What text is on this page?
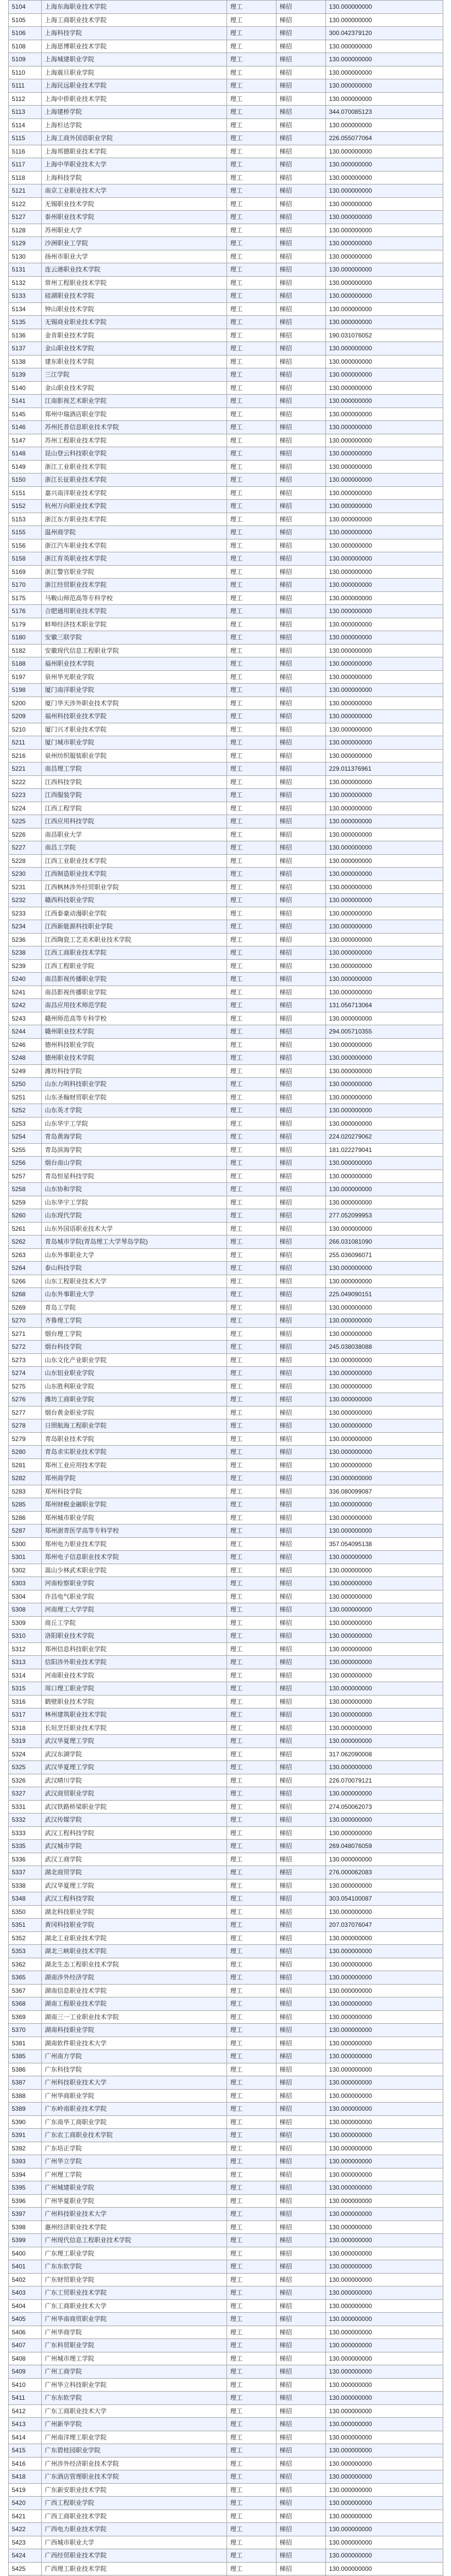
5104	上海东海职业技术学院	理工	梯招	130.000000000
5105	上海工商职业技术学院	理工	梯招	130.000000000
5106	上海科技学院	理工	梯招	300.042379120
5108	上海思博职业技术学院	理工	梯招	130.000000000
5109	上海城建职业学院	理工	梯招	130.000000000
5110	上海震旦职业学院	理工	梯招	130.000000000
5111	上海民远职业技术学院	理工	梯招	130.000000000
5112	上海中侨职业技术学院	理工	梯招	130.000000000
5113	上海建桥学院	理工	梯招	344.070085123
5114	上海杉达学院	理工	梯招	130.000000000
5115	上海工商外国语职业学院	理工	梯招	226.055077064
5116	上海邦德职业技术学院	理工	梯招	130.000000000
5117	上海中华职业技术大学	理工	梯招	130.000000000
5118	上海科技学院	理工	梯招	130.000000000
5121	南京工业职业技术大学	理工	梯招	130.000000000
5122	无锡职业技术学院	理工	梯招	130.000000000
5127	泰州职业技术学院	理工	梯招	130.000000000
5128	苏州职业大学	理工	梯招	130.000000000
5129	沙洲职业工学院	理工	梯招	130.000000000
5130	扬州市职业大学	理工	梯招	130.000000000
5131	连云港职业技术学院	理工	梯招	130.000000000
5132	常州工程职业技术学院	理工	梯招	130.000000000
5133	硅湖职业技术学院	理工	梯招	130.000000000
5134	钟山职业技术学院	理工	梯招	130.000000000
5135	无锡商业职业技术学院	理工	梯招	130.000000000
5136	金肯职业技术学院	理工	梯招	190.031076052
5137	金山职业技术学院	理工	梯招	130.000000000
5138	建东职业技术学院	理工	梯招	130.000000000
5139	三江学院	理工	梯招	130.000000000
5140	金山职业技术学院	理工	梯招	130.000000000
5141	江南影视艺术职业学院	理工	梯招	130.000000000
5145	郑州中瑞酒店职业学院	理工	梯招	130.000000000
5146	苏州托普信息职业技术学院	理工	梯招	130.000000000
5147	苏州工程职业技术学院	理工	梯招	130.000000000
5148	昆山登云科技职业学院	理工	梯招	130.000000000
5149	浙江工业职业技术学院	理工	梯招	130.000000000
5150	浙江长征职业技术学院	理工	梯招	130.000000000
5151	嘉兴南洋职业技术学院	理工	梯招	130.000000000
5152	杭州万向职业技术学院	理工	梯招	130.000000000
5153	浙江东方职业技术学院	理工	梯招	130.000000000
5155	温州商学院	理工	梯招	130.000000000
5156	浙江汽车职业技术学院	理工	梯招	130.000000000
5158	浙江育英职业技术学院	理工	梯招	130.000000000
5169	浙江警官职业学院	理工	梯招	130.000000000
5170	浙江经贸职业技术学院	理工	梯招	130.000000000
5175	马鞍山师范高等专科学校	理工	梯招	130.000000000
5176	合肥通用职业技术学院	理工	梯招	130.000000000
5179	蚌埠经济技术职业学院	理工	梯招	130.000000000
5180	安徽三联学院	理工	梯招	130.000000000
5182	安徽现代信息工程职业学院	理工	梯招	130.000000000
5188	福州职业技术学院	理工	梯招	130.000000000
5197	泉州华光职业学院	理工	梯招	130.000000000
5198	厦门南洋职业学院	理工	梯招	130.000000000
5200	厦门华天涉外职业技术学院	理工	梯招	130.000000000
5209	福州科技职业技术学院	理工	梯招	130.000000000
5210	厦门兴才职业技术学院	理工	梯招	130.000000000
5211	厦门城市职业学院	理工	梯招	130.000000000
5216	泉州纺织服装职业学院	理工	梯招	130.000000000
5221	南昌理工学院	理工	梯招	229.011376961
5222	江西科技学院	理工	梯招	130.000000000
5223	江西服装学院	理工	梯招	130.000000000
5224	江西工程学院	理工	梯招	130.000000000
5225	江西应用科技学院	理工	梯招	130.000000000
5226	南昌职业大学	理工	梯招	130.000000000
5227	南昌工学院	理工	梯招	130.000000000
5228	江西工业职业技术学院	理工	梯招	130.000000000
5230	江西制造职业技术学院	理工	梯招	130.000000000
5231	江西枫林涉外经贸职业学院	理工	梯招	130.000000000
5232	赣西科技职业学院	理工	梯招	130.000000000
5233	江西泰豪动漫职业学院	理工	梯招	130.000000000
5234	江西新能源科技职业学院	理工	梯招	130.000000000
5236	江西陶瓷工艺美术职业技术学院	理工	梯招	130.000000000
5238	江西工商职业技术学院	理工	梯招	130.000000000
5239	江西工程职业学院	理工	梯招	130.000000000
5240	南昌影视传播职业学院	理工	梯招	130.000000000
5241	南昌影视传播职业学院	理工	梯招	130.000000000
5242	南昌应用技术师范学院	理工	梯招	131.056713064
5243	赣州师范高等专科学校	理工	梯招	130.000000000
5244	赣州职业技术学院	理工	梯招	294.005710355
5246	德州科技职业学院	理工	梯招	130.000000000
5248	德州职业技术学院	理工	梯招	130.000000000
5249	潍坊科技学院	理工	梯招	130.000000000
5250	山东力明科技职业学院	理工	梯招	130.000000000
5251	山东圣翰财贸职业学院	理工	梯招	130.000000000
5252	山东英才学院	理工	梯招	130.000000000
5253	山东华宇工学院	理工	梯招	130.000000000
5254	青岛黄海学院	理工	梯招	224.020279062
5255	青岛滨海学院	理工	梯招	181.022279041
5256	烟台南山学院	理工	梯招	130.000000000
5257	青岛恒星科技学院	理工	梯招	130.000000000
5258	山东协和学院	理工	梯招	130.000000000
5259	山东华宇工学院	理工	梯招	130.000000000
5260	山东现代学院	理工	梯招	277.052099953
5261	山东外国语职业技术大学	理工	梯招	130.000000000
5262	青岛城市学院(青岛理工大学琴岛学院)	理工	梯招	266.031081090
5263	山东外事职业大学	理工	梯招	255.036096071
5264	泰山科技学院	理工	梯招	130.000000000
5266	山东工程职业技术大学	理工	梯招	130.000000000
5268	山东外事职业大学	理工	梯招	225.049090151
5269	青岛工学院	理工	梯招	130.000000000
5270	齐鲁理工学院	理工	梯招	130.000000000
5271	烟台理工学院	理工	梯招	130.000000000
5272	烟台科技学院	理工	梯招	245.038038088
5273	山东文化产业职业学院	理工	梯招	130.000000000
5274	山东铝业职业学院	理工	梯招	130.000000000
5275	山东胜利职业学院	理工	梯招	130.000000000
5276	潍坊工商职业学院	理工	梯招	130.000000000
5277	烟台黄金职业学院	理工	梯招	130.000000000
5278	日照航海工程职业学院	理工	梯招	130.000000000
5279	青岛职业技术学院	理工	梯招	130.000000000
5280	青岛求实职业技术学院	理工	梯招	130.000000000
5281	郑州工业应用技术学院	理工	梯招	130.000000000
5282	郑州商学院	理工	梯招	130.000000000
5283	郑州科技学院	理工	梯招	336.080099087
5285	郑州财税金融职业学院	理工	梯招	130.000000000
5286	郑州城市职业学院	理工	梯招	130.000000000
5287	郑州澍青医学高等专科学校	理工	梯招	130.000000000
5300	郑州电力职业技术学院	理工	梯招	357.054095138
5301	郑州电子信息职业技术学院	理工	梯招	130.000000000
5302	嵩山少林武术职业学院	理工	梯招	130.000000000
5303	河南检察职业学院	理工	梯招	130.000000000
5304	许昌电气职业学院	理工	梯招	130.000000000
5308	河南理工大学学院	理工	梯招	130.000000000
5309	商丘工学院	理工	梯招	130.000000000
5310	洛阳职业技术学院	理工	梯招	130.000000000
5312	郑州信息科技职业学院	理工	梯招	130.000000000
5313	信阳涉外职业技术学院	理工	梯招	130.000000000
5314	河南职业技术学院	理工	梯招	130.000000000
5315	周口理工职业学院	理工	梯招	130.000000000
5316	鹤壁职业技术学院	理工	梯招	130.000000000
5317	林州建筑职业技术学院	理工	梯招	130.000000000
5318	长垣烹饪职业技术学院	理工	梯招	130.000000000
5319	武汉华夏理工学院	理工	梯招	130.000000000
5324	武汉东湖学院	理工	梯招	317.062090008
5325	武汉华夏理工学院	理工	梯招	130.000000000
5326	武汉晴川学院	理工	梯招	226.070079121
5327	武汉商贸职业学院	理工	梯招	130.000000000
5331	武汉铁路桥梁职业学院	理工	梯招	274.050062073
5332	武汉传媒学院	理工	梯招	130.000000000
5333	武汉工程科技学院	理工	梯招	130.000000000
5335	武汉城市学院	理工	梯招	269.048076059
5336	武汉工商学院	理工	梯招	130.000000000
5337	湖北商贸学院	理工	梯招	276.000062083
5338	武汉华夏理工学院	理工	梯招	130.000000000
5348	武汉工程科技学院	理工	梯招	303.054100087
5350	湖北科技职业学院	理工	梯招	130.000000000
5351	黄冈科技职业学院	理工	梯招	207.037076047
5352	湖北工业职业技术学院	理工	梯招	130.000000000
5353	湖北三峡职业技术学院	理工	梯招	130.000000000
5362	湖北生态工程职业技术学院	理工	梯招	130.000000000
5365	湖南涉外经济学院	理工	梯招	130.000000000
5367	湖南信息职业技术学院	理工	梯招	130.000000000
5368	湖南工程职业技术学院	理工	梯招	130.000000000
5369	湖南三一工业职业技术学院	理工	梯招	130.000000000
5370	湖南科技职业学院	理工	梯招	130.000000000
5381	湖南软件职业技术大学	理工	梯招	130.000000000
5385	广州南方学院	理工	梯招	130.000000000
5386	广东科技学院	理工	梯招	130.000000000
5387	广州科技职业技术大学	理工	梯招	130.000000000
5388	广州华商职业学院	理工	梯招	130.000000000
5389	广东岭南职业技术学院	理工	梯招	130.000000000
5390	广东南华工商职业学院	理工	梯招	130.000000000
5391	广东农工商职业技术学院	理工	梯招	130.000000000
5392	广东培正学院	理工	梯招	130.000000000
5393	广州华立学院	理工	梯招	130.000000000
5394	广州理工学院	理工	梯招	130.000000000
5395	广州城建职业学院	理工	梯招	130.000000000
5396	广州华夏职业学院	理工	梯招	130.000000000
5397	广州科技职业技术大学	理工	梯招	130.000000000
5398	惠州经济职业技术学院	理工	梯招	130.000000000
5399	广州现代信息工程职业技术学院	理工	梯招	130.000000000
5400	广东理工职业学院	理工	梯招	130.000000000
5401	广东东软学院	理工	梯招	130.000000000
5402	广东财贸职业学院	理工	梯招	130.000000000
5403	广东工贸职业技术学院	理工	梯招	130.000000000
5404	广东工商职业技术大学	理工	梯招	130.000000000
5405	广州华南商贸职业学院	理工	梯招	130.000000000
5406	广州华商学院	理工	梯招	130.000000000
5407	广东科贸职业学院	理工	梯招	130.000000000
5408	广州城市理工学院	理工	梯招	130.000000000
5409	广州工商学院	理工	梯招	130.000000000
5410	广州华立科技职业学院	理工	梯招	130.000000000
5411	广东东软学院	理工	梯招	130.000000000
5412	广东工商职业技术大学	理工	梯招	130.000000000
5413	广州新华学院	理工	梯招	130.000000000
5414	广州南洋理工职业学院	理工	梯招	130.000000000
5415	广东碧桂园职业学院	理工	梯招	130.000000000
5416	广州涉外经济职业技术学院	理工	梯招	130.000000000
5418	广东酒店管理职业技术学院	理工	梯招	130.000000000
5419	广东新安职业技术学院	理工	梯招	130.000000000
5420	广西工程职业学院	理工	梯招	130.000000000
5421	广西工商职业技术学院	理工	梯招	130.000000000
5422	广西电力职业技术学院	理工	梯招	130.000000000
5423	广西城市职业大学	理工	梯招	130.000000000
5424	广西经贸职业技术学院	理工	梯招	130.000000000
5425	广西理工职业技术学院	理工	梯招	130.000000000
